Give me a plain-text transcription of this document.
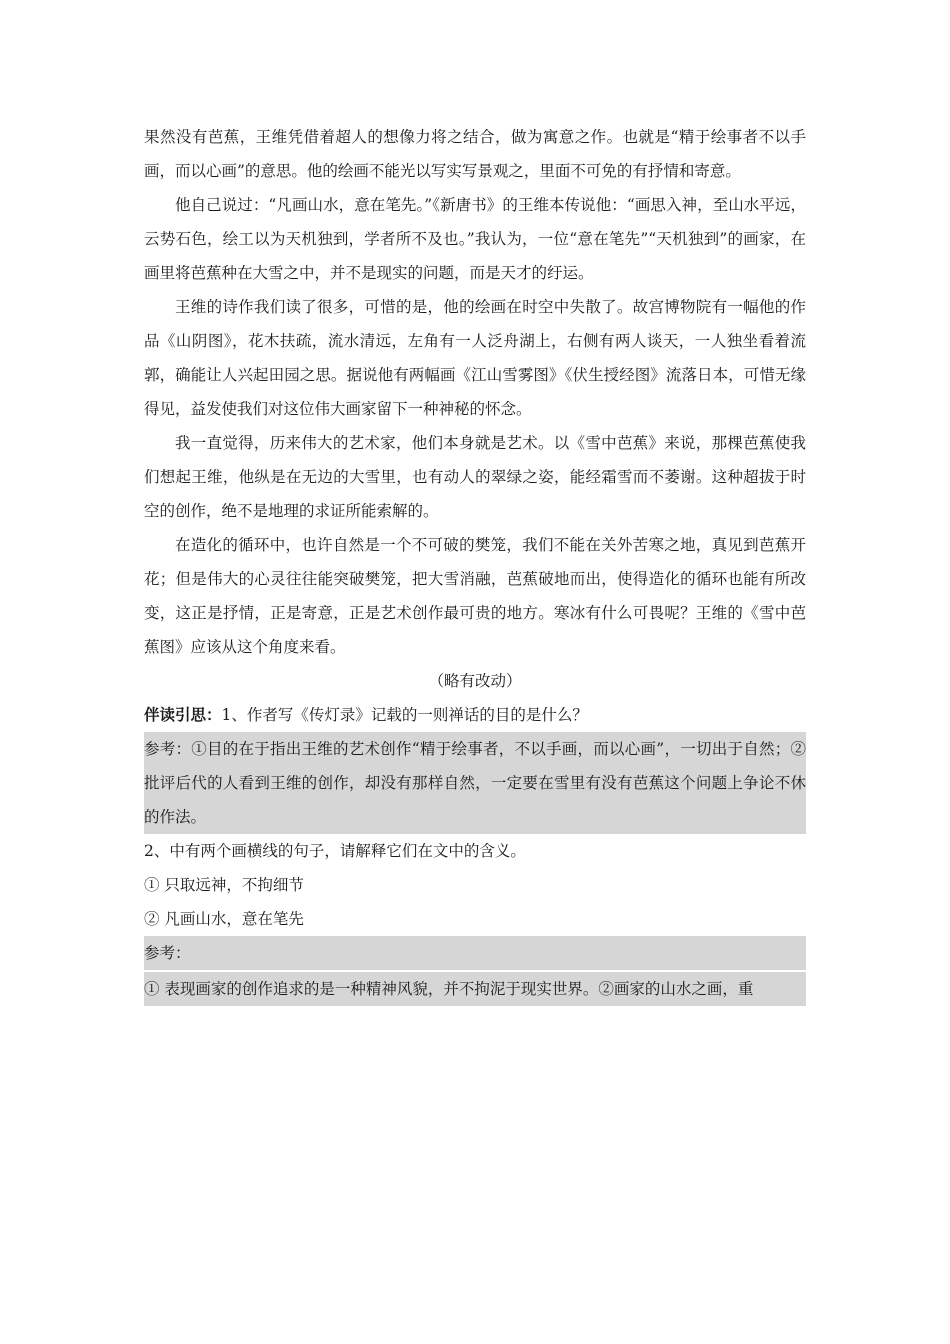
果然没有芭蕉，王维凭借着超人的想像力将之结合，做为寓意之作。也就是“精于绘事者不以手画，而以心画”的意思。他的绘画不能光以写实写景观之，里面不可免的有抒情和寄意。

他自己说过：“凡画山水，意在笔先。”《新唐书》的王维本传说他：“画思入神，至山水平远，云势石色，绘工以为天机独到，学者所不及也。”我认为，一位“意在笔先”“天机独到”的画家，在画里将芭蕉种在大雪之中，并不是现实的问题，而是天才的纡运。

王维的诗作我们读了很多，可惜的是，他的绘画在时空中失散了。故宫博物院有一幅他的作品《山阴图》，花木扶疏，流水清远，左角有一人泛舟湖上，右侧有两人谈天，一人独坐看着流郭，确能让人兴起田园之思。据说他有两幅画《江山雪雾图》《伏生授经图》流落日本，可惜无缘得见，益发使我们对这位伟大画家留下一种神秘的怀念。

我一直觉得，历来伟大的艺术家，他们本身就是艺术。以《雪中芭蕉》来说，那棵芭蕉使我们想起王维，他纵是在无边的大雪里，也有动人的翠绿之姿，能经霜雪而不萎谢。这种超拔于时空的创作，绝不是地理的求证所能索解的。

在造化的循环中，也许自然是一个不可破的樊笼，我们不能在关外苦寒之地，真见到芭蕉开花；但是伟大的心灵往往能突破樊笼，把大雪消融，芭蕉破地而出，使得造化的循环也能有所改变，这正是抒情，正是寄意，正是艺术创作最可贵的地方。寒冰有什么可畏呢？王维的《雪中芭蕉图》应该从这个角度来看。

（略有改动）

伴读引思：1、作者写《传灯录》记载的一则禅话的目的是什么？

参考：①目的在于指出王维的艺术创作“精于绘事者，不以手画，而以心画”，一切出于自然；②批评后代的人看到王维的创作，却没有那样自然，一定要在雪里有没有芭蕉这个问题上争论不休的作法。

2、中有两个画横线的句子，请解释它们在文中的含义。

① 只取远神，不拘细节

② 凡画山水，意在笔先

参考：

① 表现画家的创作追求的是一种精神风貌，并不拘泥于现实世界。②画家的山水之画，重
